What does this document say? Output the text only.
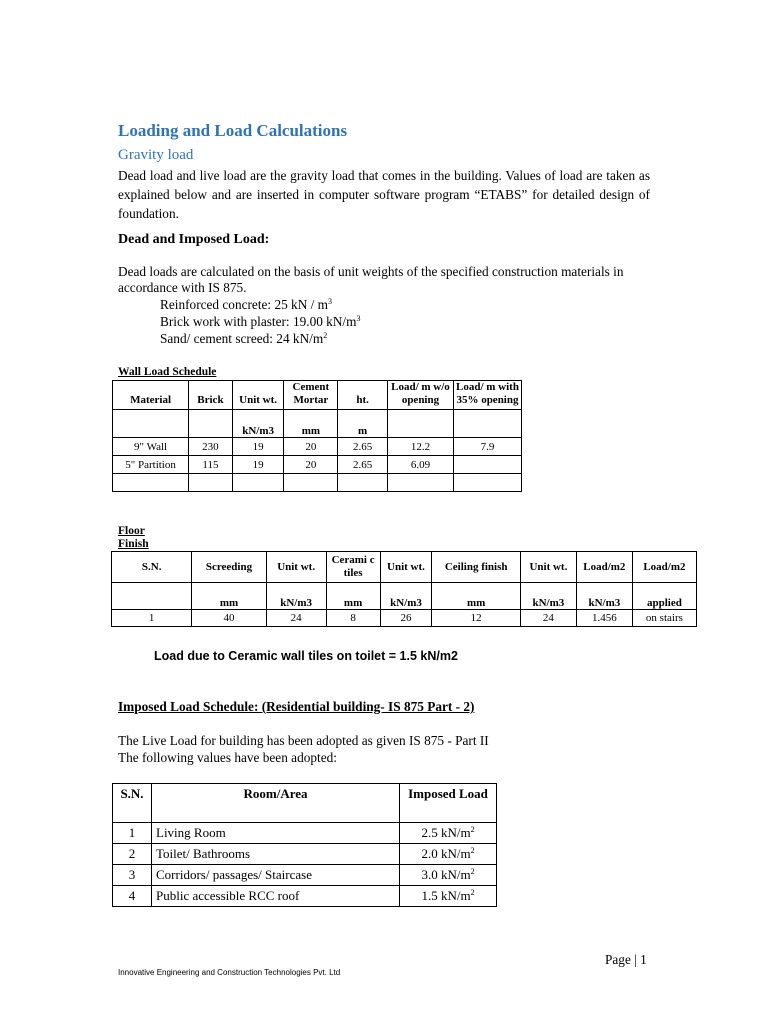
Loading and Load Calculations
Gravity load
Dead load and live load are the gravity load that comes in the building. Values of load are taken as explained below and are inserted in computer software program “ETABS” for detailed design of foundation.
Dead and Imposed Load:
Dead loads are calculated on the basis of unit weights of the specified construction materials in accordance with IS 875.
Reinforced concrete: 25 kN / $m^3$
Brick work with plaster: 19.00 $kN/m^3$
Sand/ cement screed: 24 $kN/m^2$
Wall Load Schedule
Material	Brick	Unit wt.	Cement Mortar	ht.	Load/ m w/o opening	Load/ m with 35% opening
		kN/m3	mm	m		
9" Wall	230	19	20	2.65	12.2	7.9
5" Partition	115	19	20	2.65	6.09	

Floor Finish
S.N.	Screeding	Unit wt.	Cerami c tiles	Unit wt.	Ceiling finish	Unit wt.	Load/m2	Load/m2
	mm	kN/m3	mm	kN/m3	mm	kN/m3	kN/m3	applied
1	40	24	8	26	12	24	1.456	on stairs
Load due to Ceramic wall tiles on toilet = 1.5 kN/m2
Imposed Load Schedule: (Residential building- IS 875 Part - 2)
The Live Load for building has been adopted as given IS 875 - Part II
The following values have been adopted:
S.N.	Room/Area	Imposed Load
1	Living Room	2.5 $kN/m^2$
2	Toilet/ Bathrooms	2.0 $kN/m^2$
3	Corridors/ passages/ Staircase	3.0 $kN/m^2$
4	Public accessible RCC roof	1.5 $kN/m^2$
Page | 1
Innovative Engineering and Construction Technologies Pvt. Ltd
